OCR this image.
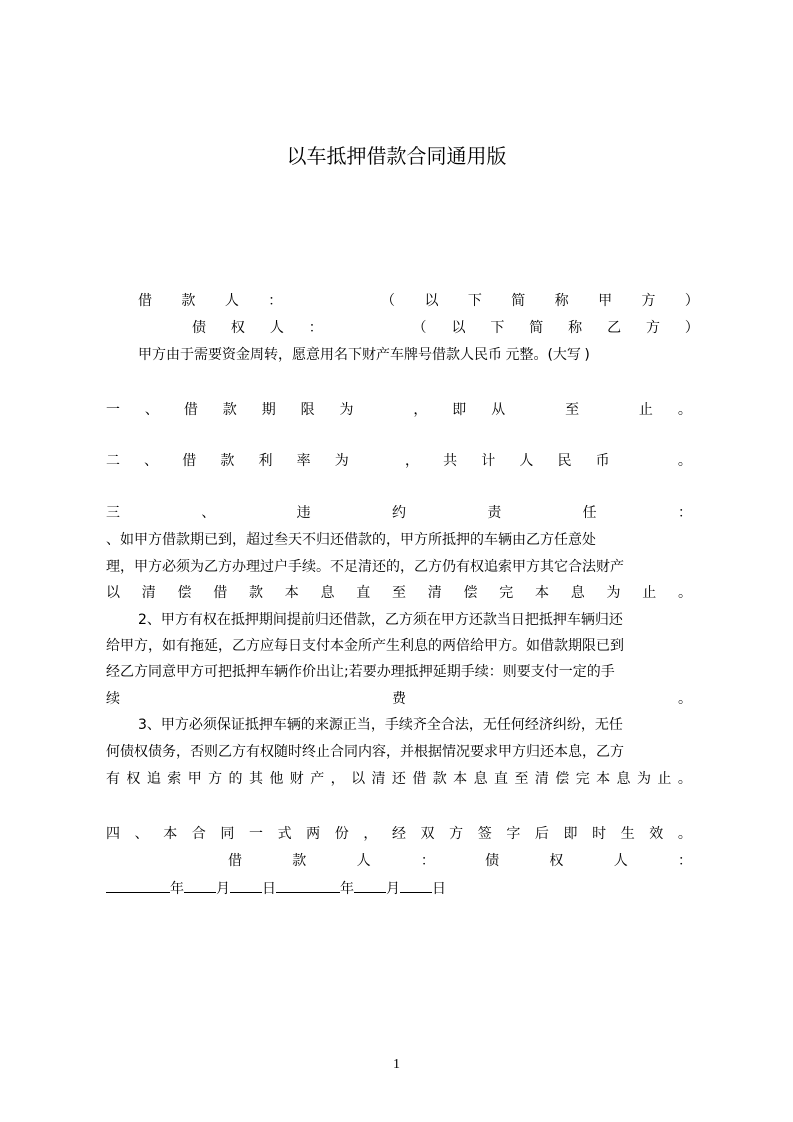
以车抵押借款合同通用版
借 款 人 ：	（ 以 下 简 称 甲 方 ）
债 权 人 ：	（ 以 下 简 称 乙 方 ）
甲方由于需要资金周转，愿意用名下财产车牌号借款人民币 元整。(大写 )
一 、 借 款 期 限 为	， 即 从	至	止 。
二 、 借 款 利 率 为	， 共 计 人 民 币	。
三	、	违	约	责	任	：
、如甲方借款期已到，超过叁天不归还借款的，甲方所抵押的车辆由乙方任意处
理，甲方必须为乙方办理过户手续。不足清还的，乙方仍有权追索甲方其它合法财产
以 清 偿 借 款 本 息 直 至 清 偿 完 本 息 为 止 。
2、甲方有权在抵押期间提前归还借款，乙方须在甲方还款当日把抵押车辆归还
给甲方，如有拖延，乙方应每日支付本金所产生利息的两倍给甲方。如借款期限已到
经乙方同意甲方可把抵押车辆作价出让;若要办理抵押延期手续：则要支付一定的手
续	费	。
3、甲方必须保证抵押车辆的来源正当，手续齐全合法，无任何经济纠纷，无任
何债权债务，否则乙方有权随时终止合同内容，并根据情况要求甲方归还本息，乙方
有 权 追 索 甲 方 的 其 他 财 产 ， 以 清 还 借 款 本 息 直 至 清 偿 完 本 息 为 止 。
四 、 本 合 同 一 式 两 份 ， 经 双 方 签 字 后 即 时 生 效 。
借	款	人	：	债	权	人	：
年 月 日	年 月 日
1
